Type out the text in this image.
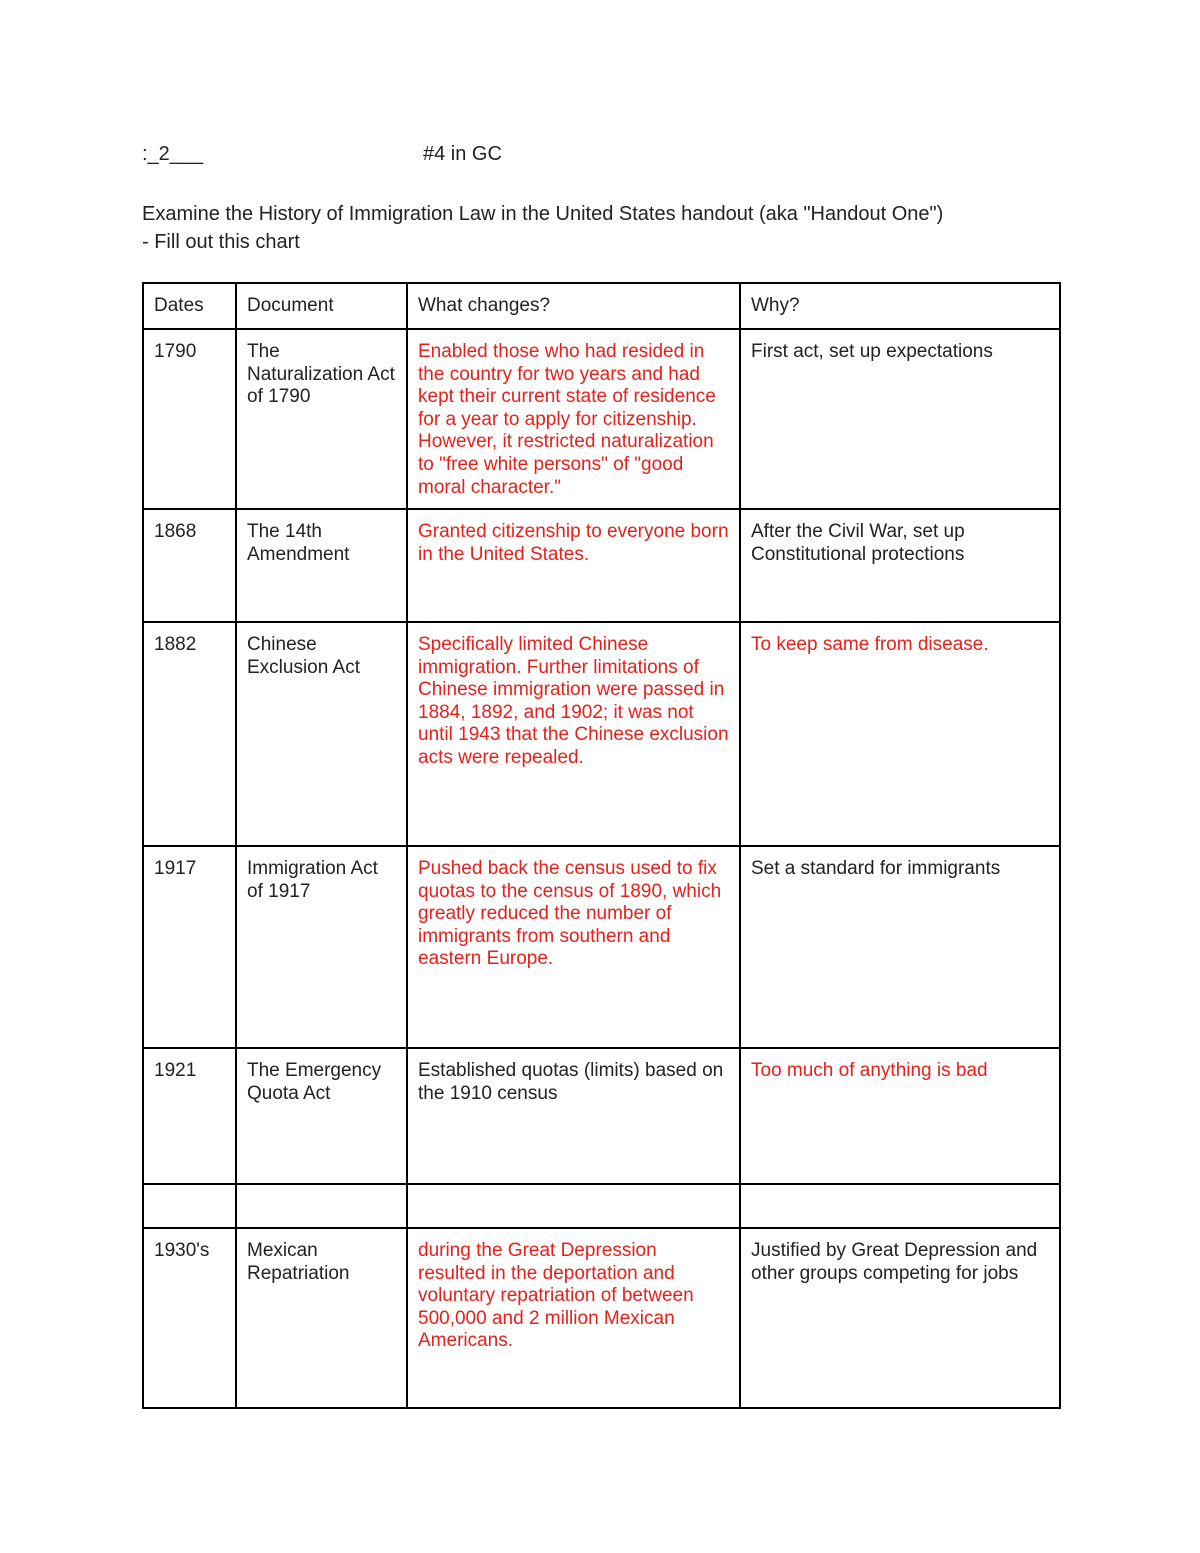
:_2___	#4 in GC
Examine the History of Immigration Law in the United States handout (aka "Handout One")
- Fill out this chart
Dates	Document	What changes?	Why?
1790	The Naturalization Act of 1790	Enabled those who had resided in the country for two years and had kept their current state of residence for a year to apply for citizenship. However, it restricted naturalization to "free white persons" of "good moral character."	First act, set up expectations
1868	The 14th Amendment	Granted citizenship to everyone born in the United States.	After the Civil War, set up Constitutional protections
1882	Chinese Exclusion Act	Specifically limited Chinese immigration. Further limitations of Chinese immigration were passed in 1884, 1892, and 1902; it was not until 1943 that the Chinese exclusion acts were repealed.	To keep same from disease.
1917	Immigration Act of 1917	Pushed back the census used to fix quotas to the census of 1890, which greatly reduced the number of immigrants from southern and eastern Europe.	Set a standard for immigrants
1921	The Emergency Quota Act	Established quotas (limits) based on the 1910 census	Too much of anything is bad

1930's	Mexican Repatriation	during the Great Depression resulted in the deportation and voluntary repatriation of between 500,000 and 2 million Mexican Americans.	Justified by Great Depression and other groups competing for jobs
